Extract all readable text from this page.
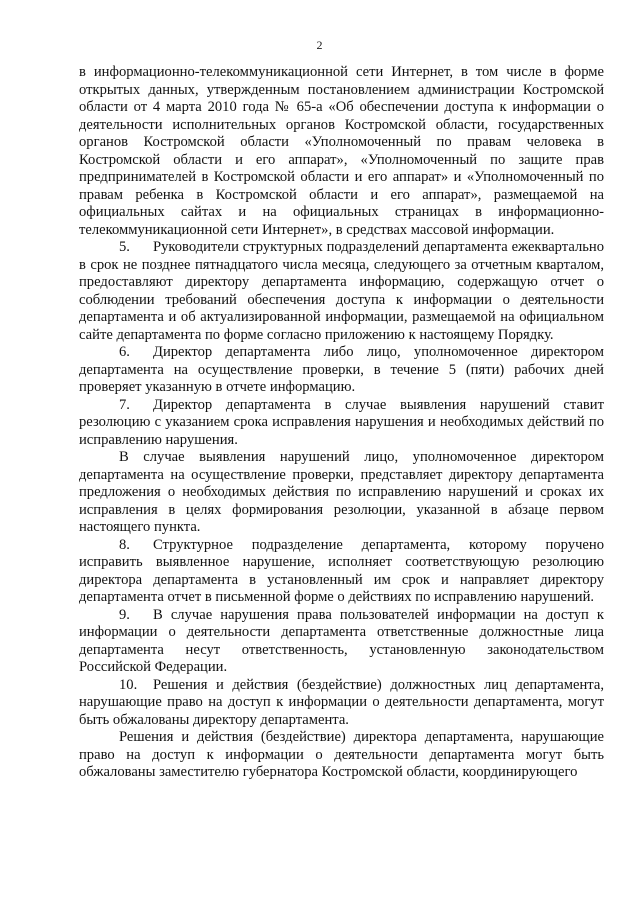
2

в информационно-телекоммуникационной сети Интернет, в том числе в форме открытых данных, утвержденным постановлением администрации Костромской области от 4 марта 2010 года № 65-а «Об обеспечении доступа к информации о деятельности исполнительных органов Костромской области, государственных органов Костромской области «Уполномоченный по правам человека в Костромской области и его аппарат», «Уполномоченный по защите прав предпринимателей в Костромской области и его аппарат» и «Уполномоченный по правам ребенка в Костромской области и его аппарат», размещаемой на официальных сайтах и на официальных страницах в информационно-телекоммуникационной сети Интернет», в средствах массовой информации.

5. Руководители структурных подразделений департамента ежеквартально в срок не позднее пятнадцатого числа месяца, следующего за отчетным кварталом, предоставляют директору департамента информацию, содержащую отчет о соблюдении требований обеспечения доступа к информации о деятельности департамента и об актуализированной информации, размещаемой на официальном сайте департамента по форме согласно приложению к настоящему Порядку.

6. Директор департамента либо лицо, уполномоченное директором департамента на осуществление проверки, в течение 5 (пяти) рабочих дней проверяет указанную в отчете информацию.

7. Директор департамента в случае выявления нарушений ставит резолюцию с указанием срока исправления нарушения и необходимых действий по исправлению нарушения.

В случае выявления нарушений лицо, уполномоченное директором департамента на осуществление проверки, представляет директору департамента предложения о необходимых действия по исправлению нарушений и сроках их исправления в целях формирования резолюции, указанной в абзаце первом настоящего пункта.

8. Структурное подразделение департамента, которому поручено исправить выявленное нарушение, исполняет соответствующую резолюцию директора департамента в установленный им срок и направляет директору департамента отчет в письменной форме о действиях по исправлению нарушений.

9. В случае нарушения права пользователей информации на доступ к информации о деятельности департамента ответственные должностные лица департамента несут ответственность, установленную законодательством Российской Федерации.

10. Решения и действия (бездействие) должностных лиц департамента, нарушающие право на доступ к информации о деятельности департамента, могут быть обжалованы директору департамента.

Решения и действия (бездействие) директора департамента, нарушающие право на доступ к информации о деятельности департамента могут быть обжалованы заместителю губернатора Костромской области, координирующего
